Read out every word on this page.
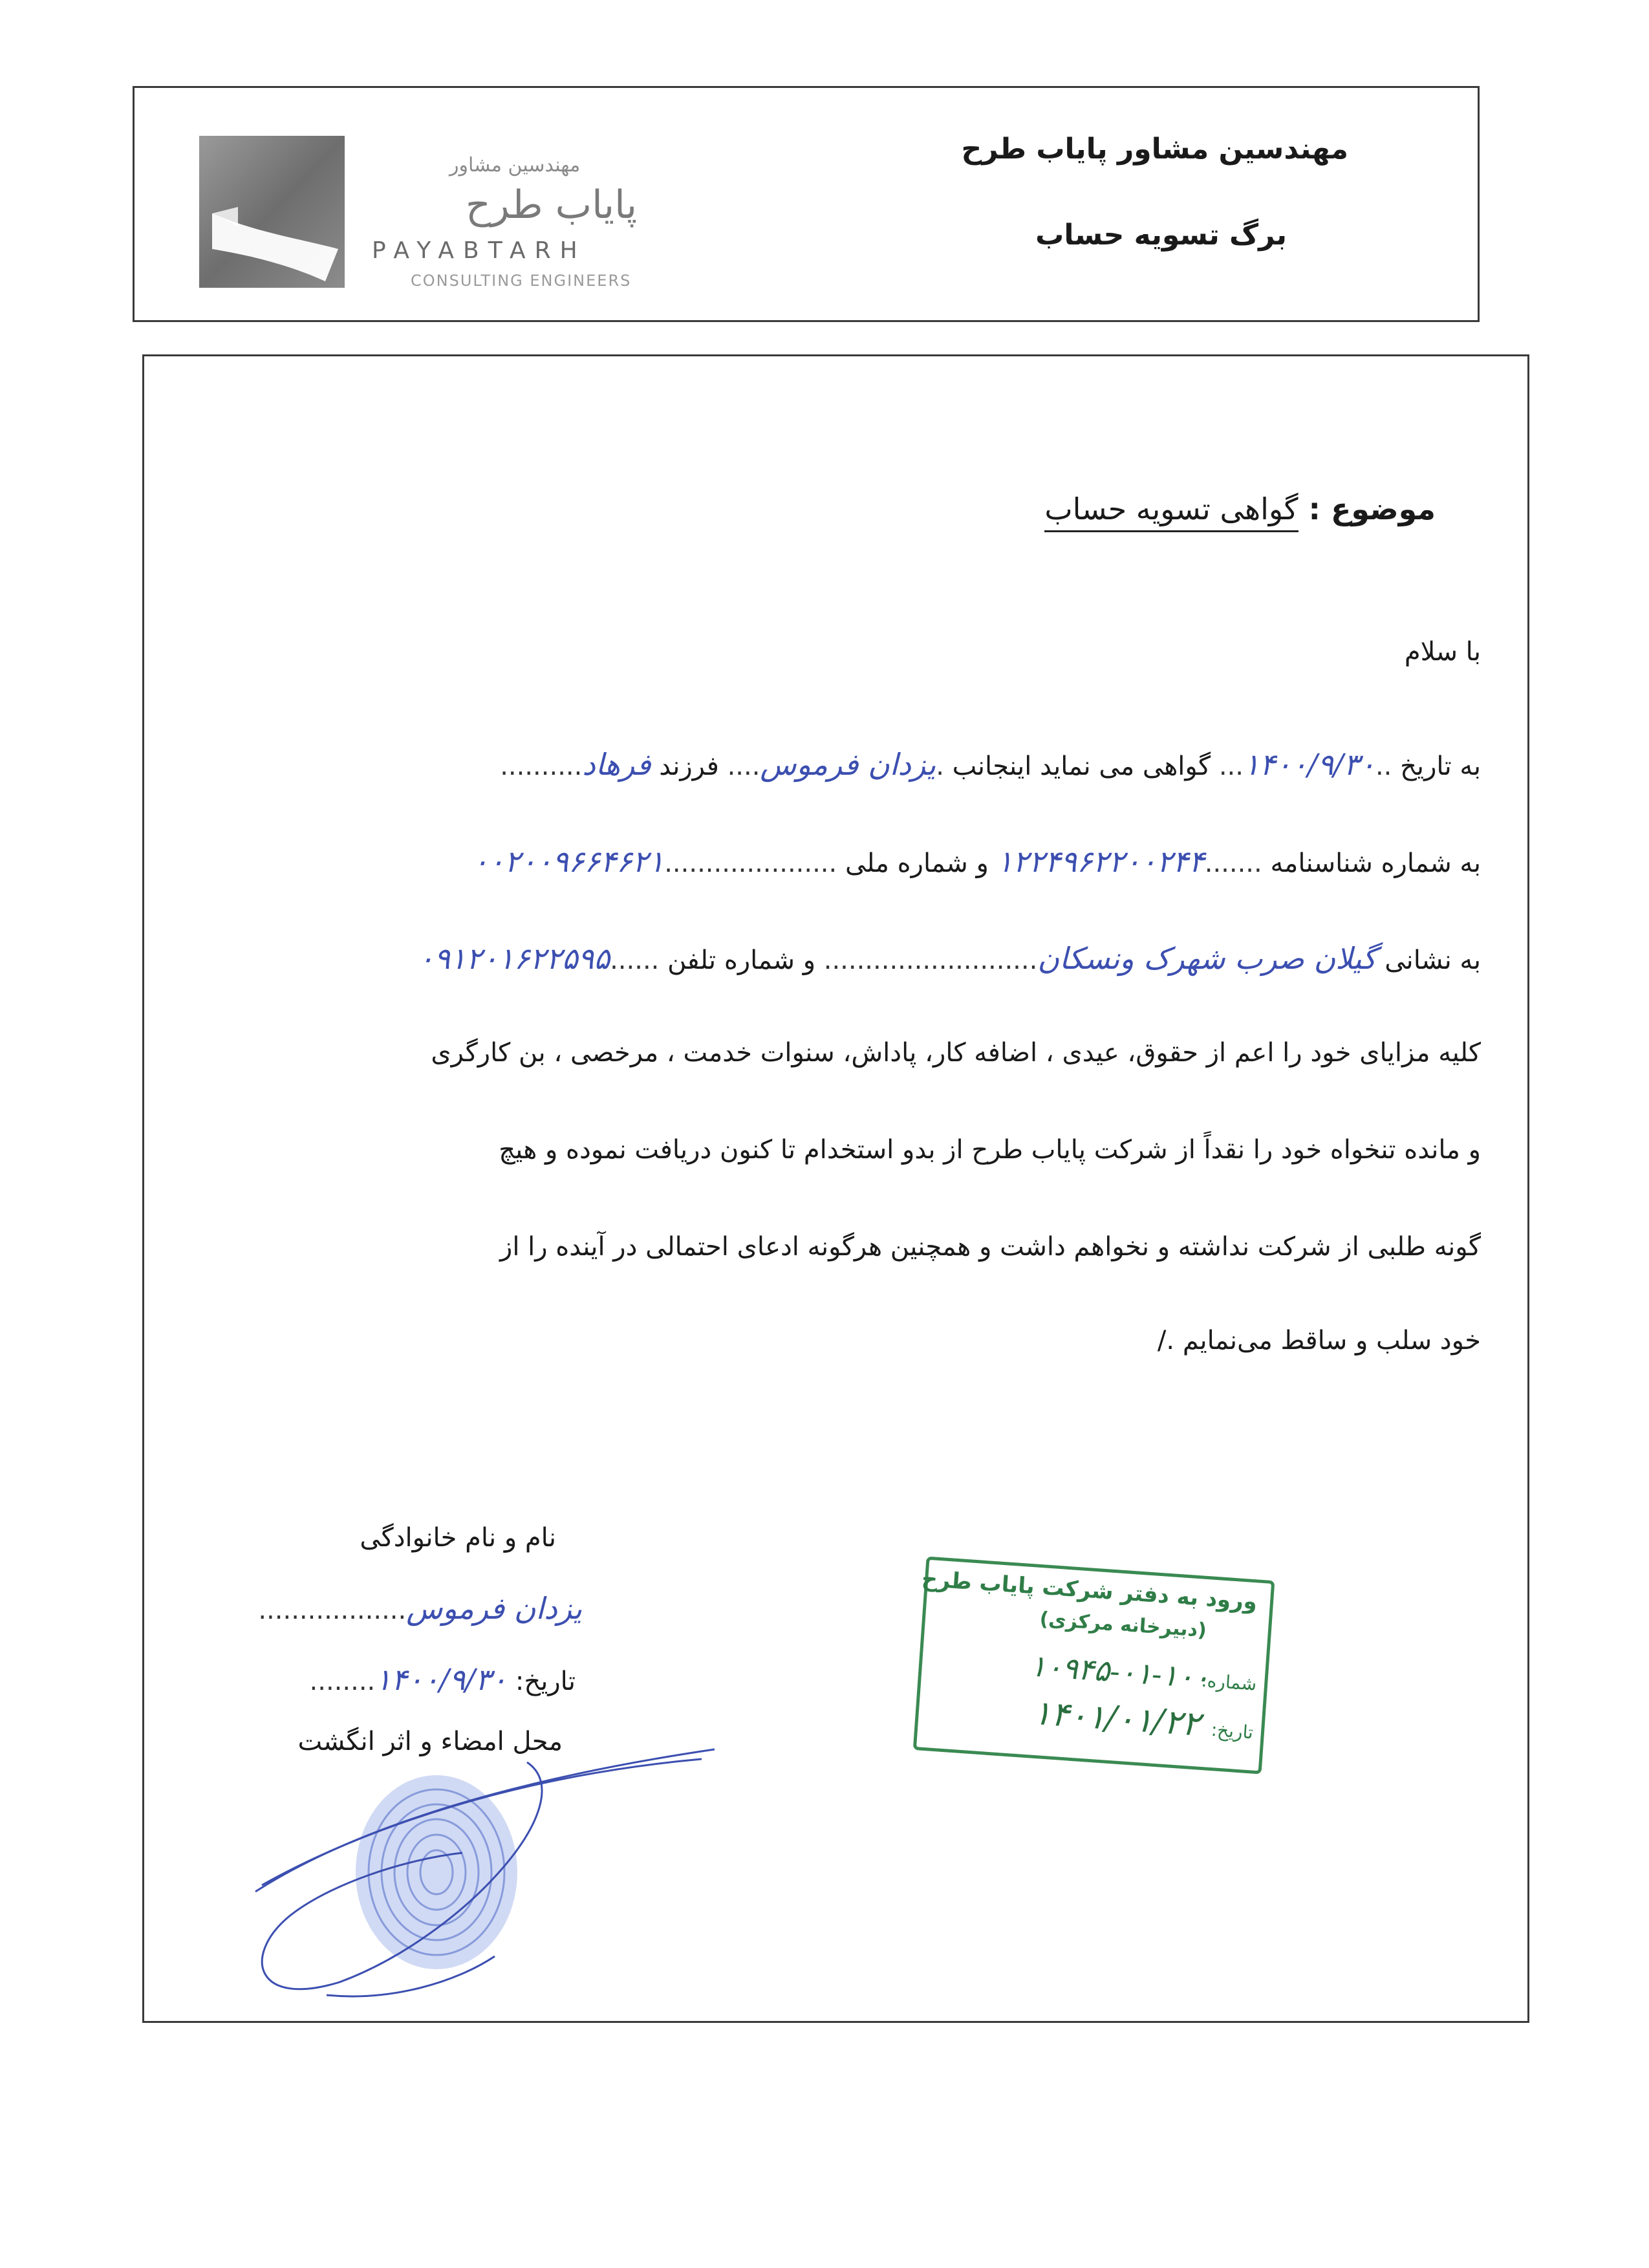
مهندسین مشاور
پایاب طرح
PAYABTARH
CONSULTING ENGINEERS
مهندسین مشاور پایاب طرح
برگ تسویه حساب
موضوع : گواهی تسویه حساب
با سلام
به تاریخ ..۱۴۰۰/۹/۳۰... گواهی می نماید اینجانب .یزدان فرموس.... فرزند فرهاد..........
به شماره شناسنامه .......۱۲۲۴۹۶۲۲۰۰۲۴۴ و شماره ملی .....................۰۰۲۰۰۹۶۶۴۶۲۱
به نشانی گیلان صرب شهرک ونسکان.......................... و شماره تلفن ......۰۹۱۲۰۱۶۲۲۵۹۵
کلیه مزایای خود را اعم از حقوق، عیدی ، اضافه کار، پاداش، سنوات خدمت ، مرخصی ، بن کارگری
و مانده تنخواه خود را نقداً از شرکت پایاب طرح از بدو استخدام تا کنون دریافت نموده و هیچ
گونه طلبی از شرکت نداشته و نخواهم داشت و همچنین هرگونه ادعای احتمالی در آینده را از
خود سلب و ساقط می‌نمایم ./
نام و نام خانوادگی
یزدان فرموس..................
تاریخ: ۱۴۰۰/۹/۳۰........
محل امضاء و اثر انگشت
ورود به دفتر شرکت پایاب طرح
(دبیرخانه مرکزی)
شماره:
۱۰۹۴۵-۰۱-۱۰۰
تاریخ:
۱۴۰۱/۰۱/۲۲
